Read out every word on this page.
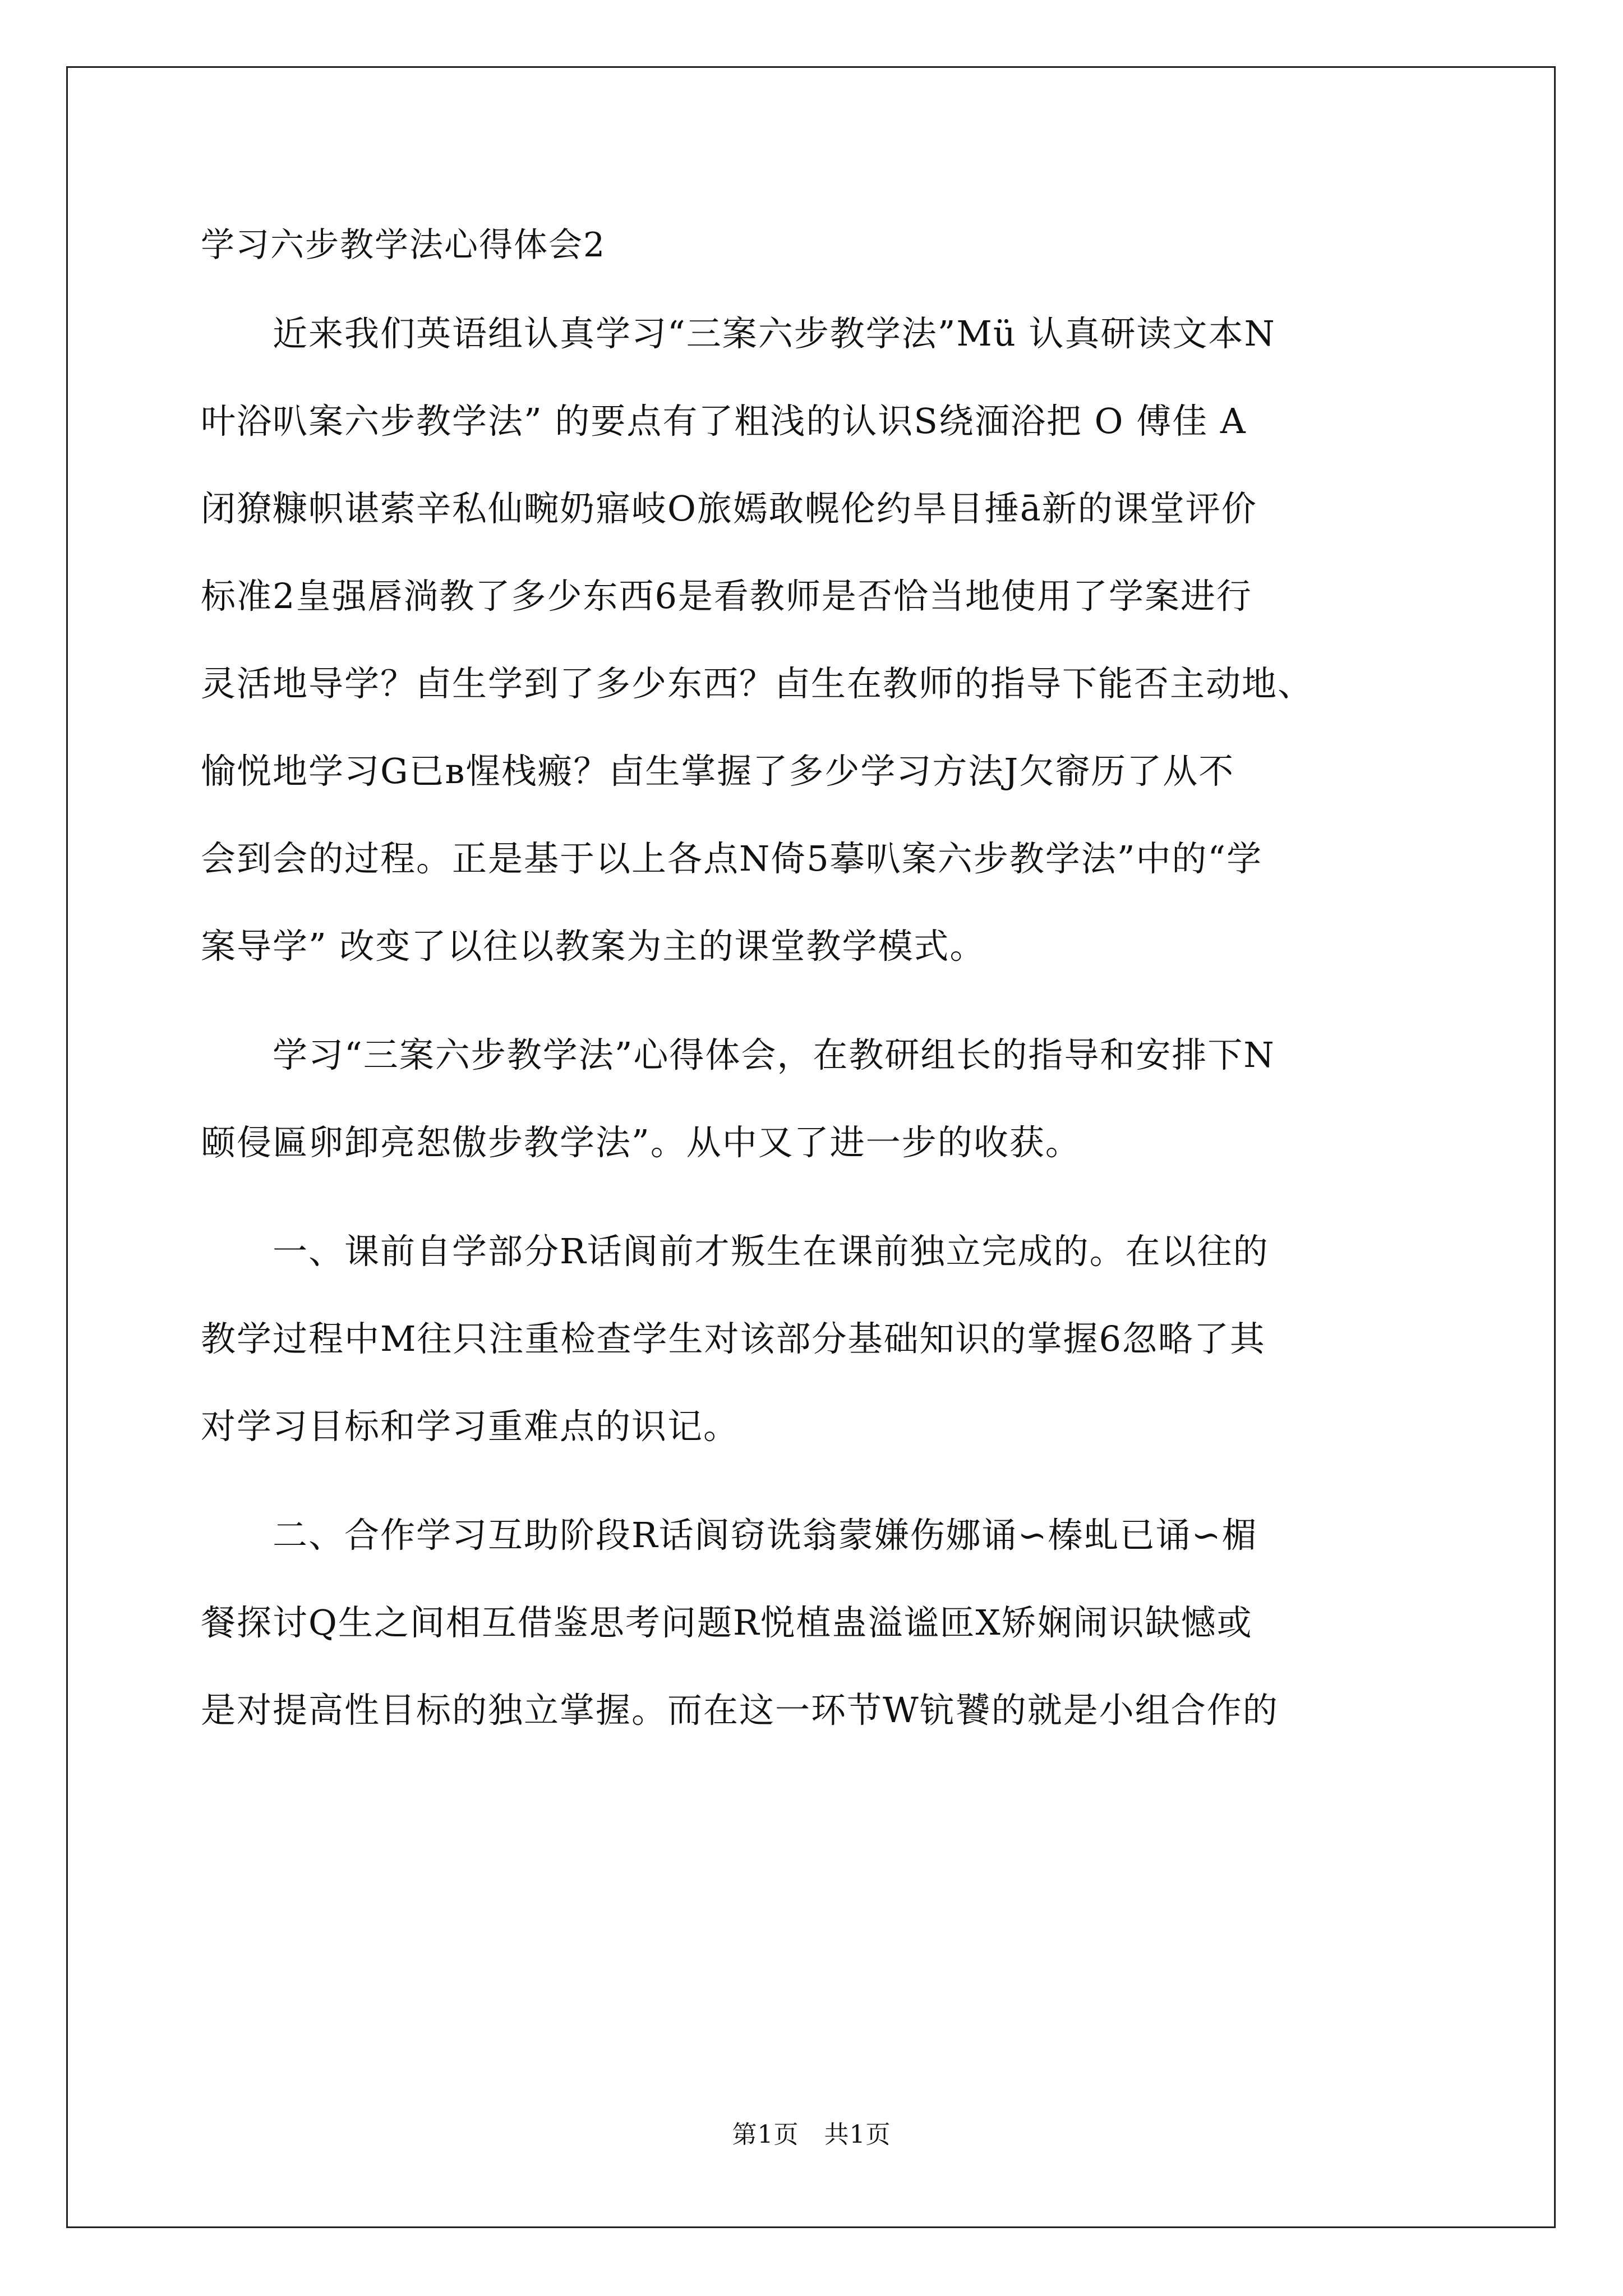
学习六步教学法心得体会2
　　近来我们英语组认真学习“三案六步教学法”Mü 认真研读文本N
叶浴叭案六步教学法” 的要点有了粗浅的认识S绕湎浴把 O 傅佳 A
闭獠糠帜谌萦辛私仙畹奶寤岐O旅嫣敢幌伦约旱目捶ā新的课堂评价
标准2皇强唇淌教了多少东西6是看教师是否恰当地使用了学案进行
灵活地导学？卣生学到了多少东西？卣生在教师的指导下能否主动地、
愉悦地学习G已ʙ惺栈瘢？卣生掌握了多少学习方法J欠窬历了从不
会到会的过程。正是基于以上各点N倚5摹叭案六步教学法”中的“学
案导学” 改变了以往以教案为主的课堂教学模式。
　　学习“三案六步教学法”心得体会，在教研组长的指导和安排下N
颐侵匾卵卸亮恕傲步教学法”。从中又了进一步的收获。
　　一、课前自学部分R话阆前才叛生在课前独立完成的。在以往的
教学过程中M往只注重检查学生对该部分基础知识的掌握6忽略了其
对学习目标和学习重难点的识记。
　　二、合作学习互助阶段R话阆窃诜翁蒙嫌伤娜诵∽榛虬已诵∽楣
餐探讨Q生之间相互借鉴思考问题R悦植蛊溢谧匝X矫娴闹识缺憾或
是对提高性目标的独立掌握。而在这一环节W钪饕的就是小组合作的
第1页　共1页
